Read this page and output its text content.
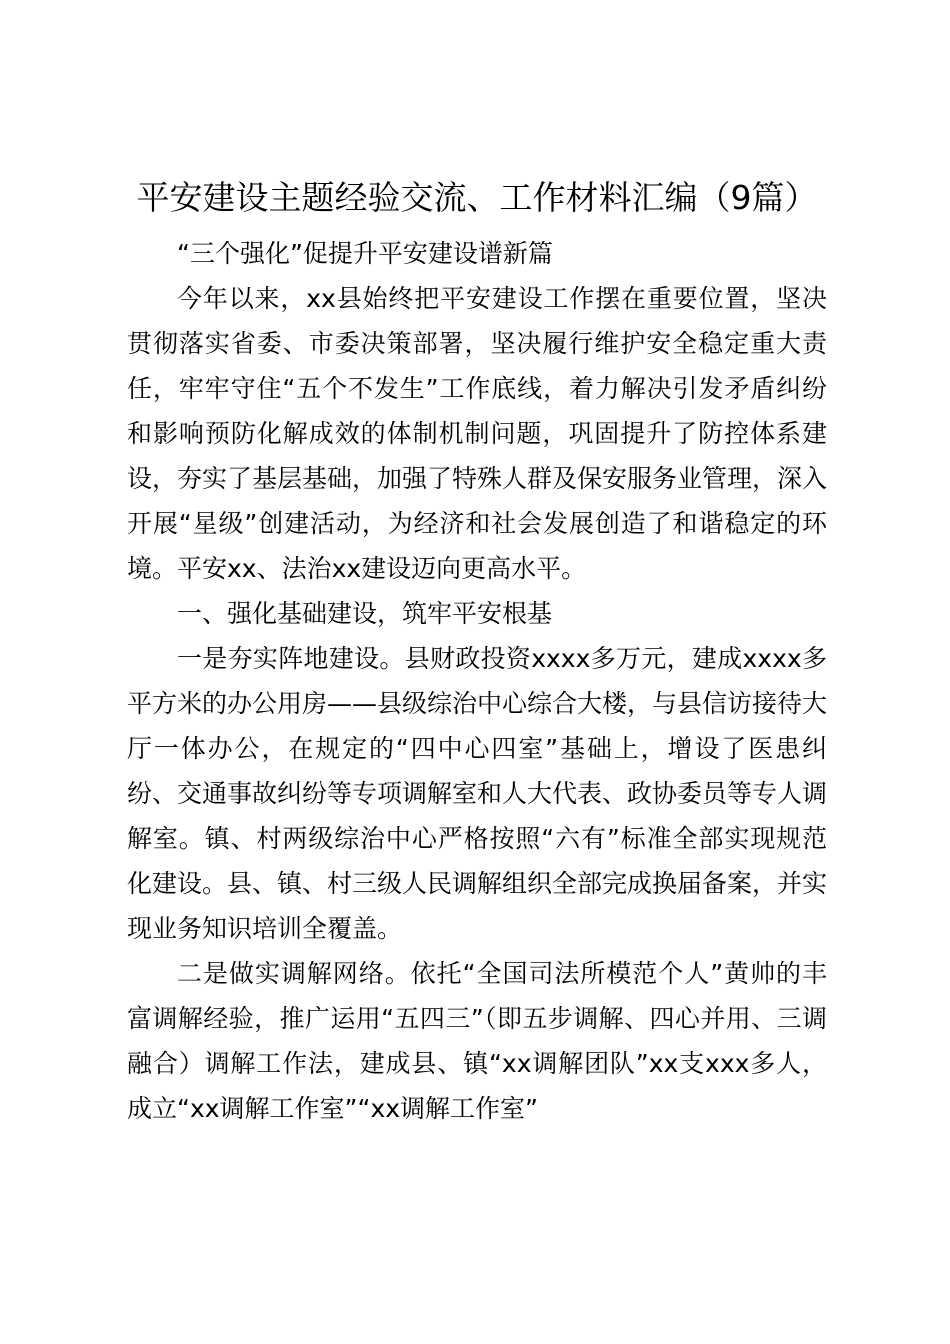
平安建设主题经验交流、工作材料汇编（9篇）

“三个强化”促提升平安建设谱新篇

今年以来，xx县始终把平安建设工作摆在重要位置，坚决贯彻落实省委、市委决策部署，坚决履行维护安全稳定重大责任，牢牢守住“五个不发生”工作底线，着力解决引发矛盾纠纷和影响预防化解成效的体制机制问题，巩固提升了防控体系建设，夯实了基层基础，加强了特殊人群及保安服务业管理，深入开展“星级”创建活动，为经济和社会发展创造了和谐稳定的环境。平安xx、法治xx建设迈向更高水平。

一、强化基础建设，筑牢平安根基

一是夯实阵地建设。县财政投资xxxx多万元，建成xxxx多平方米的办公用房——县级综治中心综合大楼，与县信访接待大厅一体办公，在规定的“四中心四室”基础上，增设了医患纠纷、交通事故纠纷等专项调解室和人大代表、政协委员等专人调解室。镇、村两级综治中心严格按照“六有”标准全部实现规范化建设。县、镇、村三级人民调解组织全部完成换届备案，并实现业务知识培训全覆盖。

二是做实调解网络。依托“全国司法所模范个人”黄帅的丰富调解经验，推广运用“五四三”（即五步调解、四心并用、三调融合）调解工作法，建成县、镇“xx调解团队”xx支xxx多人，成立“xx调解工作室”“xx调解工作室”
